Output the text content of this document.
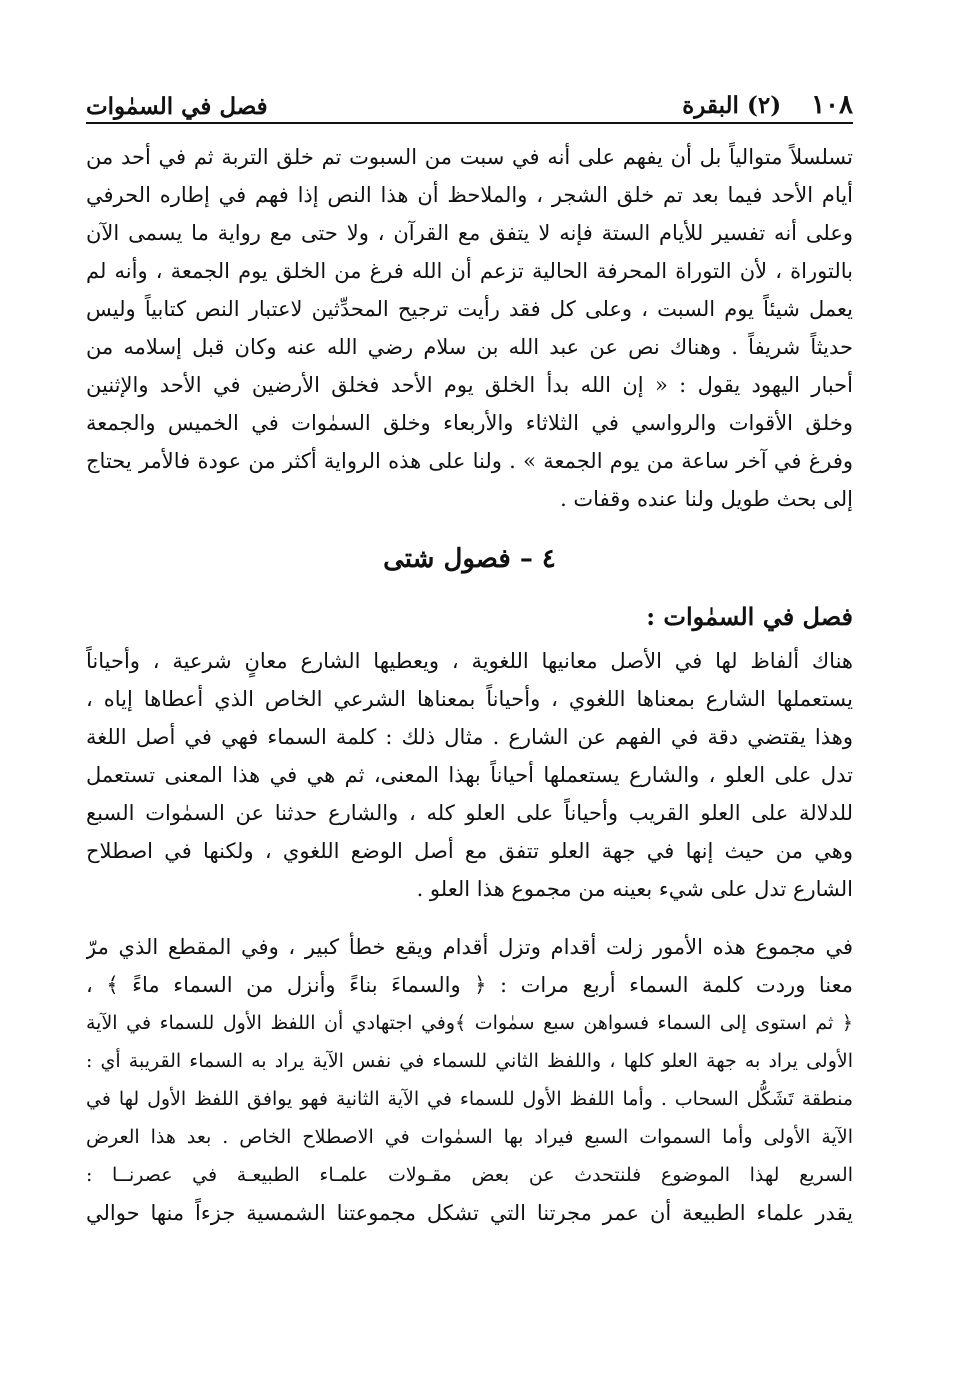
١٠٨
(٢) البقرة
فصل في السمٰوات
تسلسلاً متوالياً بل أن يفهم على أنه في سبت من السبوت تم خلق التربة ثم في أحد من
أيام الأحد فيما بعد تم خلق الشجر ، والملاحظ أن هذا النص إذا فهم في إطاره الحرفي
وعلى أنه تفسير للأيام الستة فإنه لا يتفق مع القرآن ، ولا حتى مع رواية ما يسمى الآن
بالتوراة ، لأن التوراة المحرفة الحالية تزعم أن الله فرغ من الخلق يوم الجمعة ، وأنه لم
يعمل شيئاً يوم السبت ، وعلى كل فقد رأيت ترجيح المحدِّثين لاعتبار النص كتابياً وليس
حديثاً شريفاً . وهناك نص عن عبد الله بن سلام رضي الله عنه وكان قبل إسلامه من
أحبار اليهود يقول : « إن الله بدأ الخلق يوم الأحد فخلق الأرضين في الأحد والإثنين
وخلق الأقوات والرواسي في الثلاثاء والأربعاء وخلق السمٰوات في الخميس والجمعة
وفرغ في آخر ساعة من يوم الجمعة » . ولنا على هذه الرواية أكثر من عودة فالأمر يحتاج
إلى بحث طويل ولنا عنده وقفات .
٤ – فصول شتى
فصل في السمٰوات :
هناك ألفاظ لها في الأصل معانيها اللغوية ، ويعطيها الشارع معانٍ شرعية ، وأحياناً
يستعملها الشارع بمعناها اللغوي ، وأحياناً بمعناها الشرعي الخاص الذي أعطاها إياه ،
وهذا يقتضي دقة في الفهم عن الشارع . مثال ذلك : كلمة السماء فهي في أصل اللغة
تدل على العلو ، والشارع يستعملها أحياناً بهذا المعنى، ثم هي في هذا المعنى تستعمل
للدلالة على العلو القريب وأحياناً على العلو كله ، والشارع حدثنا عن السمٰوات السبع
وهي من حيث إنها في جهة العلو تتفق مع أصل الوضع اللغوي ، ولكنها في اصطلاح
الشارع تدل على شيء بعينه من مجموع هذا العلو .
في مجموع هذه الأمور زلت أقدام وتزل أقدام ويقع خطأ كبير ، وفي المقطع الذي مرّ
معنا وردت كلمة السماء أربع مرات : ﴿ والسماءَ بناءً وأنزل من السماء ماءً ﴾ ،
﴿ ثم استوى إلى السماء فسواهن سبع سمٰوات ﴾وفي اجتهادي أن اللفظ الأول للسماء في الآية
الأولى يراد به جهة العلو كلها ، واللفظ الثاني للسماء في نفس الآية يراد به السماء القريبة أي :
منطقة تَشَكُّل السحاب . وأما اللفظ الأول للسماء في الآية الثانية فهو يوافق اللفظ الأول لها في
الآية الأولى وأما السموات السبع فيراد بها السمٰوات في الاصطلاح الخاص . بعد هذا العرض
السريع لهذا الموضوع فلنتحدث عن بعض مقـولات علمـاء الطبيعـة في عصرنــا :
يقدر علماء الطبيعة أن عمر مجرتنا التي تشكل مجموعتنا الشمسية جزءاً منها حوالي
